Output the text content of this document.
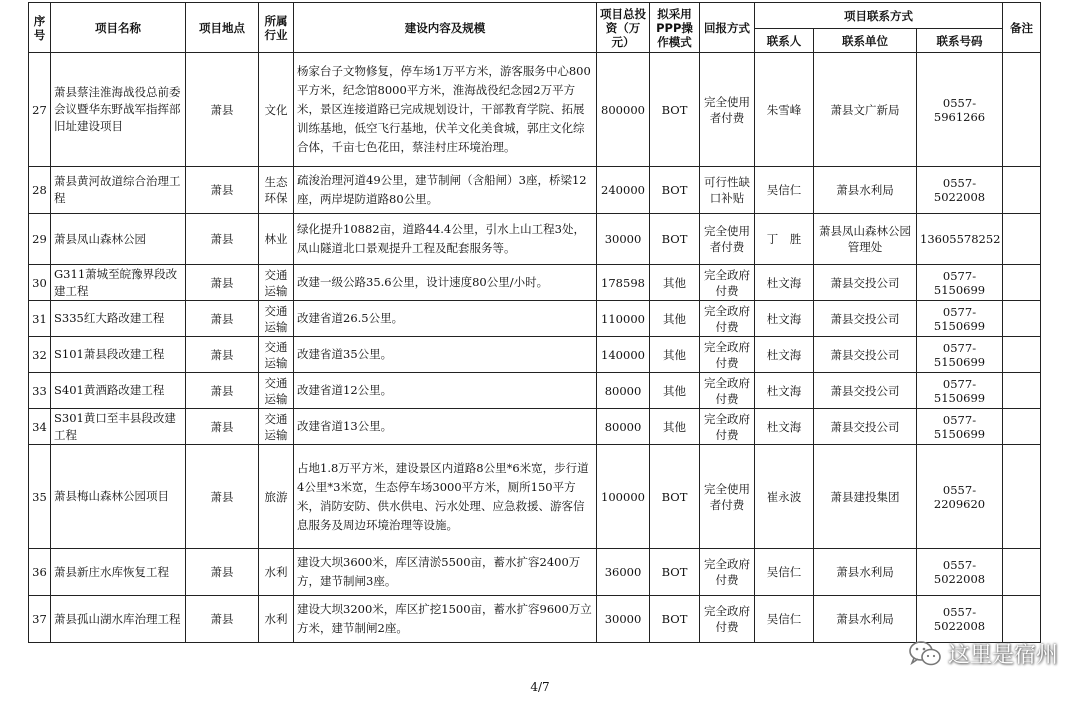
序号	项目名称	项目地点	所属行业	建设内容及规模	项目总投资（万元）	拟采用PPP操作模式	回报方式	项目联系方式			备注
								联系人	联系单位	联系号码	
27	萧县蔡洼淮海战役总前委会议暨华东野战军指挥部旧址建设项目	萧县	文化	杨家台子文物修复，停车场1万平方米，游客服务中心800平方米，纪念馆8000平方米，淮海战役纪念园2万平方米，景区连接道路已完成规划设计，干部教育学院、拓展训练基地，低空飞行基地，伏羊文化美食城，郭庄文化综合体，千亩七色花田，蔡洼村庄环境治理。	800000	BOT	完全使用者付费	朱雪峰	萧县文广新局	0557-5961266	
28	萧县黄河故道综合治理工程	萧县	生态环保	疏浚治理河道49公里，建节制闸（含船闸）3座，桥梁12座，两岸堤防道路80公里。	240000	BOT	可行性缺口补贴	吴信仁	萧县水利局	0557-5022008	
29	萧县凤山森林公园	萧县	林业	绿化提升10882亩，道路44.4公里，引水上山工程3处，凤山隧道北口景观提升工程及配套服务等。	30000	BOT	完全使用者付费	丁　胜	萧县凤山森林公园管理处	13605578252	
30	G311萧城至皖豫界段改建工程	萧县	交通运输	改建一级公路35.6公里，设计速度80公里/小时。	178598	其他	完全政府付费	杜文海	萧县交投公司	0577-5150699	
31	S335红大路改建工程	萧县	交通运输	改建省道26.5公里。	110000	其他	完全政府付费	杜文海	萧县交投公司	0577-5150699	
32	S101萧县段改建工程	萧县	交通运输	改建省道35公里。	140000	其他	完全政府付费	杜文海	萧县交投公司	0577-5150699	
33	S401黄酒路改建工程	萧县	交通运输	改建省道12公里。	80000	其他	完全政府付费	杜文海	萧县交投公司	0577-5150699	
34	S301黄口至丰县段改建工程	萧县	交通运输	改建省道13公里。	80000	其他	完全政府付费	杜文海	萧县交投公司	0577-5150699	
35	萧县梅山森林公园项目	萧县	旅游	占地1.8万平方米，建设景区内道路8公里*6米宽，步行道4公里*3米宽，生态停车场3000平方米，厕所150平方米，消防安防、供水供电、污水处理、应急救援、游客信息服务及周边环境治理等设施。	100000	BOT	完全使用者付费	崔永波	萧县建投集团	0557-2209620	
36	萧县新庄水库恢复工程	萧县	水利	建设大坝3600米，库区清淤5500亩，蓄水扩容2400万方，建节制闸3座。	36000	BOT	完全政府付费	吴信仁	萧县水利局	0557-5022008	
37	萧县孤山湖水库治理工程	萧县	水利	建设大坝3200米，库区扩挖1500亩，蓄水扩容9600万立方米，建节制闸2座。	30000	BOT	完全政府付费	吴信仁	萧县水利局	0557-5022008	
4/7
这里是宿州
